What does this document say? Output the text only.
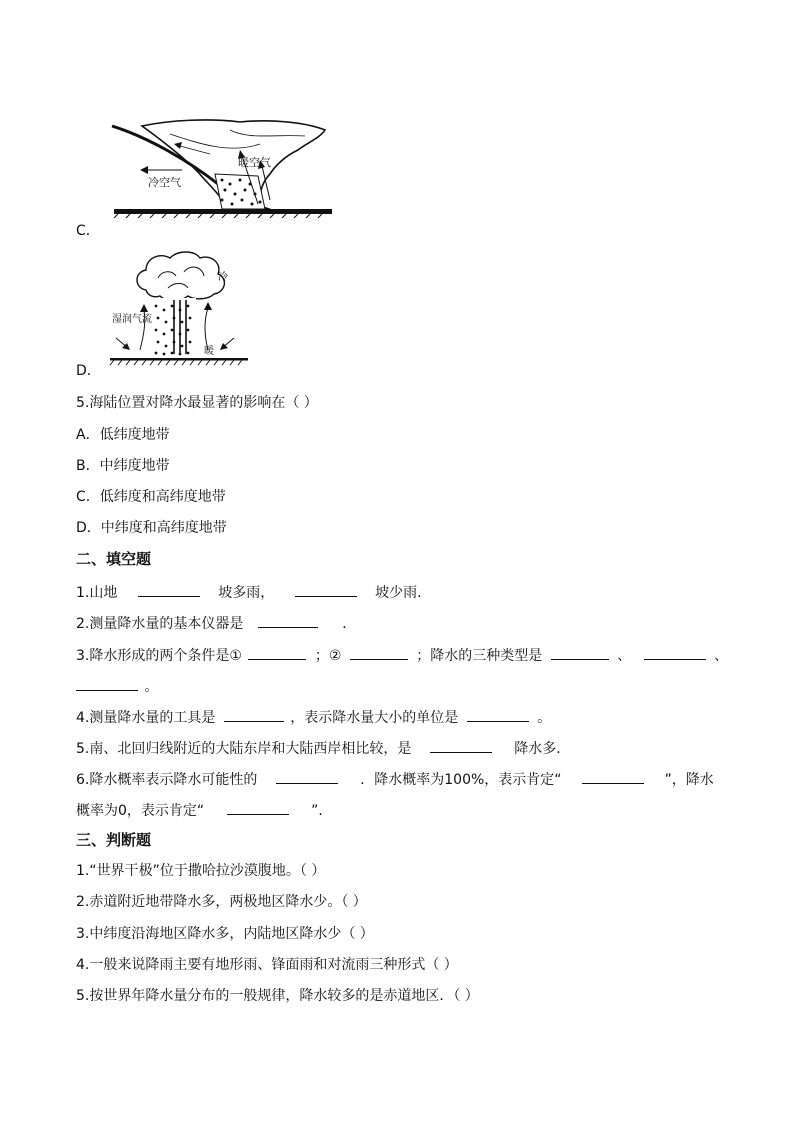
暖空气
冷空气
C．
湿润气流
冷
暖
D．
5.海陆位置对降水最显著的影响在（ ）
A．低纬度地带
B．中纬度地带
C．低纬度和高纬度地带
D．中纬度和高纬度地带
二、填空题
1.山地	坡多雨，	坡少雨．
2.测量降水量的基本仪器是	．
3.降水形成的两个条件是①	；②	；降水的三种类型是	、	、
。
4.测量降水量的工具是	，表示降水量大小的单位是	。
5.南、北回归线附近的大陆东岸和大陆西岸相比较，是	降水多．
6.降水概率表示降水可能性的	．降水概率为100%，表示肯定“	”，降水
概率为0，表示肯定“	”．
三、判断题
1.“世界干极”位于撒哈拉沙漠腹地。（ ）
2.赤道附近地带降水多，两极地区降水少。（ ）
3.中纬度沿海地区降水多，内陆地区降水少（ ）
4.一般来说降雨主要有地形雨、锋面雨和对流雨三种形式（ ）
5.按世界年降水量分布的一般规律，降水较多的是赤道地区．（ ）
